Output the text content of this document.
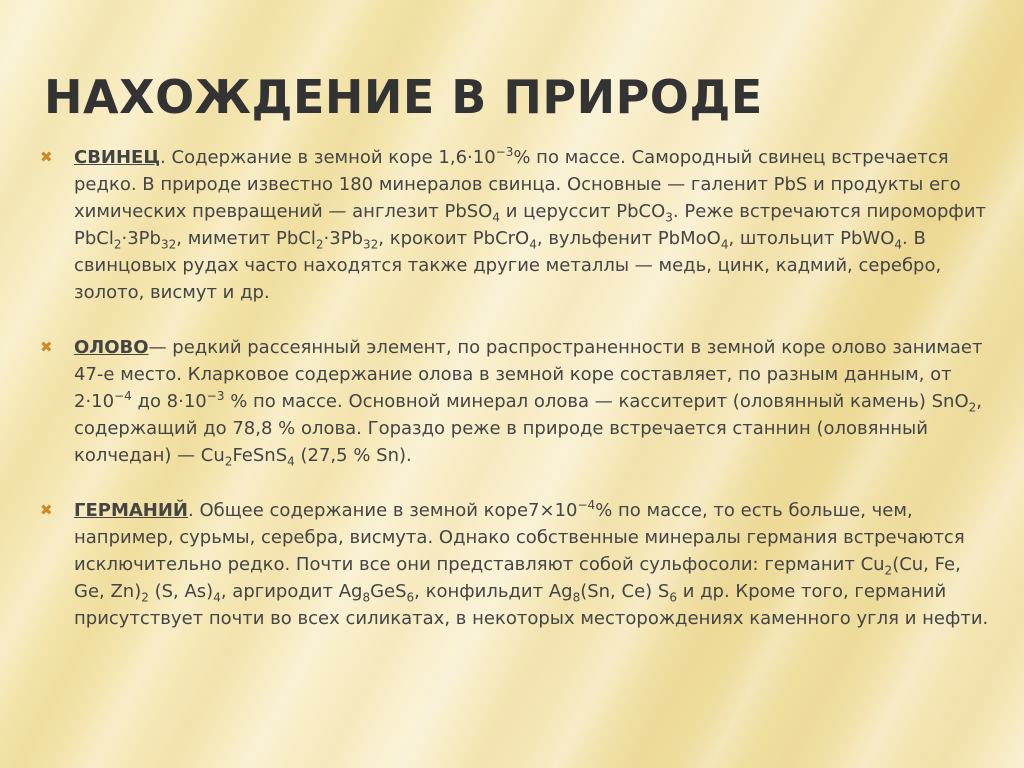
НАХОЖДЕНИЕ В ПРИРОДЕ

✖ СВИНЕЦ. Содержание в земной коре $1,6\cdot 10^{-3}\%$ по массе. Самородный свинец встречается редко. В природе известно 180 минералов свинца. Основные — галенит PbS и продукты его химических превращений — англезит PbSO$_4$ и церуссит PbCO$_3$. Реже встречаются пироморфит $PbCl_2\cdot 3Pb_{32}$, миметит $PbCl_2\cdot 3Pb_{32}$, крокоит PbCrO$_4$, вульфенит PbMoO$_4$, штольцит PbWO$_4$. В свинцовых рудах часто находятся также другие металлы — медь, цинк, кадмий, серебро, золото, висмут и др.

✖ ОЛОВО— редкий рассеянный элемент, по распространенности в земной коре олово занимает 47-е место. Кларковое содержание олова в земной коре составляет, по разным данным, от $2\cdot 10^{-4}$ до $8\cdot 10^{-3}$ % по массе. Основной минерал олова — касситерит (оловянный камень) SnO$_2$, содержащий до 78,8 % олова. Гораздо реже в природе встречается станнин (оловянный колчедан) — $Cu_2FeSnS_4$ (27,5 % Sn).

✖ ГЕРМАНИЙ. Общее содержание в земной $коре7\times 10^{-4}\%$ по массе, то есть больше, чем, например, сурьмы, серебра, висмута. Однако собственные минералы германия встречаются исключительно редко. Почти все они представляют собой сульфосоли: германит $Cu_2(Cu$, Fe, Ge, $Zn)_2$ (S, $As)_4$, аргиродит $Ag_8GeS_6$, конфильдит $Ag_8(Sn$, Ce) $S_6$ и др. Кроме того, германий присутствует почти во всех силикатах, в некоторых месторождениях каменного угля и нефти.
